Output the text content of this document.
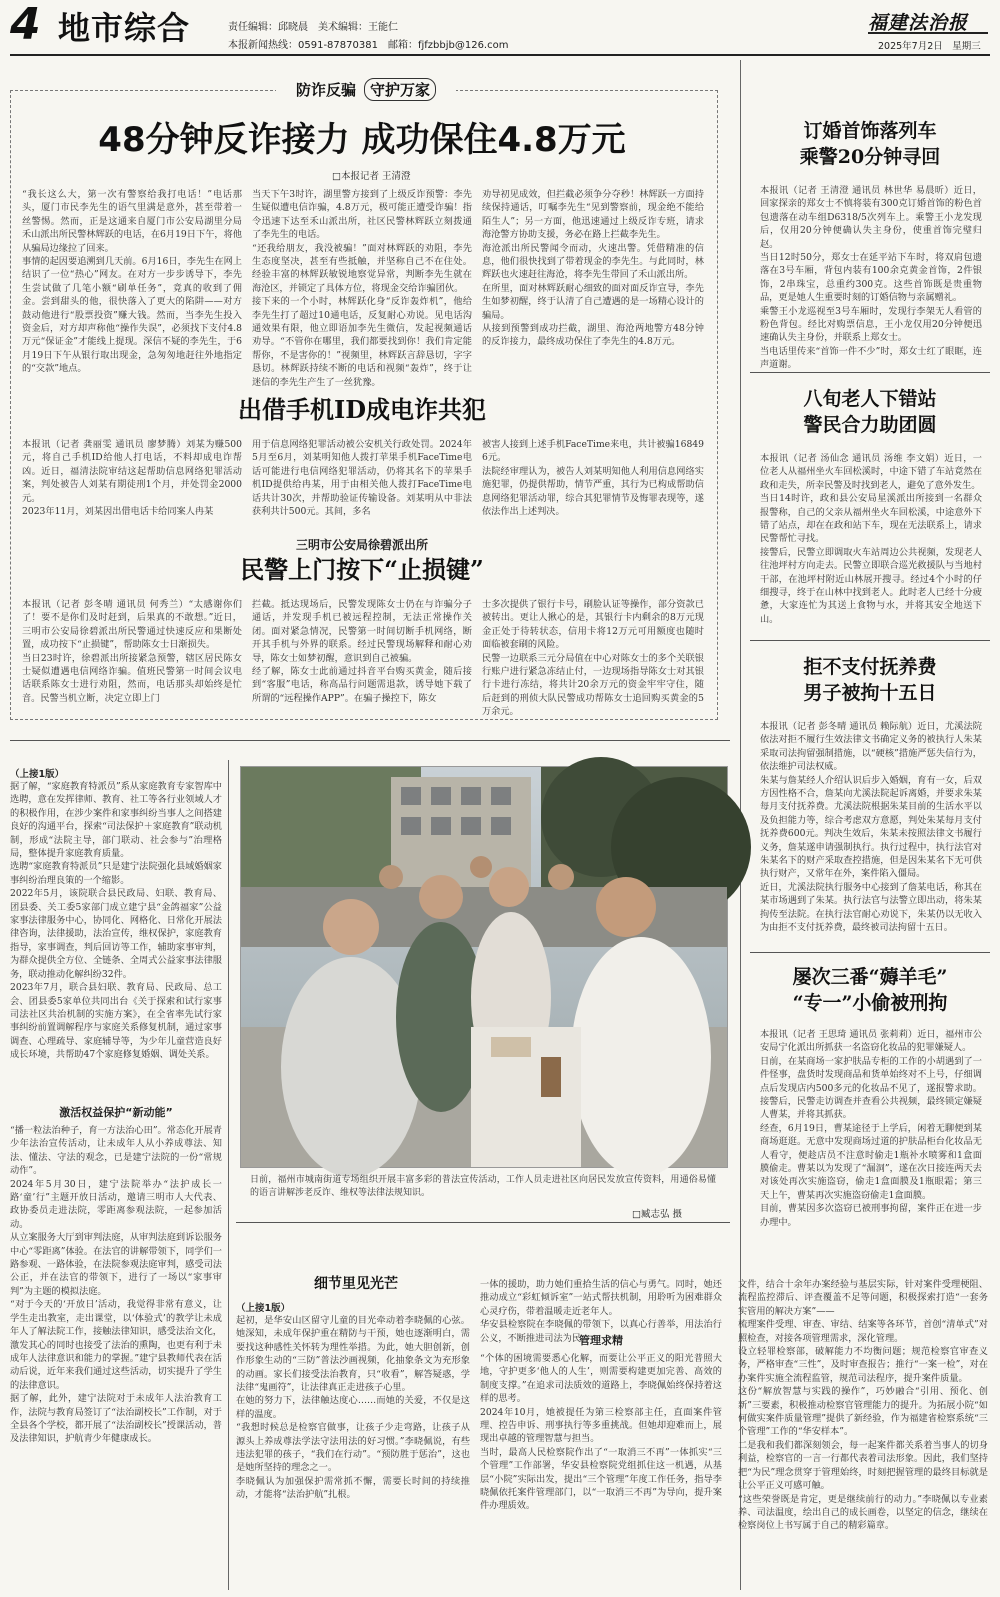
4 地市综合	责任编辑：邱晓晨　美术编辑：王能仁
本报新闻热线：0591-87870381　邮箱：fjfzbbjb@126.com
福建法治报
2025年7月2日　星期三
防诈反骗 守护万家
48分钟反诈接力 成功保住4.8万元
□本报记者 王清澄

“我长这么大，第一次有警察给我打电话！”电话那头，厦门市民李先生的语气里满是意外，甚至带着一丝警惕。然而，正是这通来自厦门市公安局湖里分局禾山派出所民警林辉跃的电话，在6月19日下午，将他从骗局边缘拉了回来。
事情的起因要追溯到几天前。6月16日，李先生在网上结识了一位“热心”网友。在对方一步步诱导下，李先生尝试做了几笔小额“刷单任务”，竟真的收到了佣金。尝到甜头的他，很快落入了更大的陷阱——对方鼓动他进行“股票投资”赚大钱。然而，当李先生投入资金后，对方却声称他“操作失误”，必须找下支付4.8万元“保证金”才能线上提现。深信不疑的李先生，于6月19日下午从银行取出现金，急匆匆地赶往外地指定的“交款”地点。

当天下午3时许，湖里警方接到了上级反诈预警：李先生疑似遭电信诈骗，4.8万元，极可能正遭受诈骗！指令迅速下达至禾山派出所，社区民警林辉跃立刻拨通了李先生的电话。
“还我给朋友，我没被骗！”面对林辉跃的劝阻，李先生态度坚决，甚至有些抵触，并坚称自己不在住处。经验丰富的林辉跃敏锐地察觉异常，判断李先生就在海沧区，并锁定了具体方位，将现金交给诈骗团伙。
接下来的一个小时，林辉跃化身“反诈轰炸机”，他给李先生打了超过10通电话，反复耐心劝说。见电话沟通效果有限，他立即语加李先生微信，发起视频通话劝导。“不管你在哪里，我们都要找到你！我们肯定能帮你，不是害你的！”视频里，林辉跃言辞恳切，字字恳切。林辉跃持续不断的电话和视频“轰炸”，终于让迷信的李先生产生了一丝犹豫。

劝导初见成效，但拦截必须争分夺秒！林辉跃一方面持续保持通话，叮嘱李先生“见到警察前，现金绝不能给陌生人”；另一方面，他迅速通过上级反诈专班，请求海沧警方协助支援，务必在路上拦截李先生。
海沧派出所民警闻令而动，火速出警。凭借精准的信息，他们很快找到了带着现金的李先生。与此同时，林辉跃也火速赶往海沧，将李先生带回了禾山派出所。
在所里，面对林辉跃耐心细致的面对面反诈宣导，李先生如梦初醒，终于认清了自己遭遇的是一场精心设计的骗局。
从接到预警到成功拦截，湖里、海沧两地警方48分钟的反诈接力，最终成功保住了李先生的4.8万元。

出借手机ID成电诈共犯

本报讯（记者 龚丽雯 通讯员 廖梦腾）刘某为赚500元，将自己手机ID给他人打电话，不料却成电诈帮凶。近日，福清法院审结这起帮助信息网络犯罪活动案，判处被告人刘某有期徒刑1个月，并处罚金2000元。
2023年11月，刘某因出借电话卡给同案人冉某

用于信息网络犯罪活动被公安机关行政处罚。2024年5月至6月，刘某明知他人拨打苹果手机FaceTime电话可能进行电信网络犯罪活动，仍将其名下的苹果手机ID提供给冉某，用于由相关他人拨打FaceTime电话共计30次，并帮助验证传输设备。刘某明从中非法获利共计500元。其间，多名

被害人接到上述手机FaceTime来电，共计被骗168496元。
法院经审理认为，被告人刘某明知他人利用信息网络实施犯罪，仍提供帮助，情节严重，其行为已构成帮助信息网络犯罪活动罪，综合其犯罪情节及悔罪表现等，遂依法作出上述判决。

三明市公安局徐碧派出所
民警上门按下“止损键”

本报讯（记者 彭冬晴 通讯员 何秀兰）“太感谢你们了！要不是你们及时赶到，后果真的不敢想。”近日，三明市公安局徐碧派出所民警通过快速反应和果断处置，成功按下“止损键”，帮助陈女士日渐损失。
当日23时许，徐碧派出所接紧急预警，辖区居民陈女士疑似遭遇电信网络诈骗。值班民警第一时间会议电话联系陈女士进行劝阻，然而，电话那头却始终是忙音。民警当机立断，决定立即上门

拦截。抵达现场后，民警发现陈女士仍在与诈骗分子通话，并发现手机已被远程控制，无法正常操作关闭。面对紧急情况，民警第一时间切断手机网络，断开其手机与外界的联系。经过民警现场解释和耐心劝导，陈女士如梦初醒，意识到自己被骗。
经了解，陈女士此前通过抖音平台购买黄金，随后接到“客服”电话，称高品行问题需退款，诱导她下载了所谓的“远程操作APP”。在骗子操控下，陈女

士多次提供了银行卡号，刷脸认证等操作，部分资款已被转出。更让人揪心的是，其银行卡内剩余的8万元现金正处于待转状态，信用卡将12万元可用额度也随时面临被套刷的风险。
民警一边联系三元分局值在中心对陈女士的多个关联银行账户进行紧急冻结止付，一边现场指导陈女士对其银行卡进行冻结，将共计20余万元的资金牢牢守住，随后赶到的刑侦大队民警成功帮陈女士追回购买黄金的5万余元。

订婚首饰落列车
乘警20分钟寻回

本报讯（记者 王清澄 通讯员 林世华 易晨昕）近日，回家探亲的郑女士不慎将装有300克订婚首饰的粉色首包遗落在动车组D6318/5次列车上。乘警王小龙发现后，仅用20分钟便确认失主身份，使重首饰完璧归赵。
当日12时50分，郑女士在延平站下车时，将双肩包遗落在3号车厢，背包内装有100余克黄金首饰，2件银饰，2串珠宝，总重约300克。这些首饰既是贵重物品，更是她人生重要时刻的订婚信物与亲属赠礼。
乘警王小龙巡视至3号车厢时，发现行李架无人看管的粉色背包。经比对购票信息，王小龙仅用20分钟便迅速确认失主身份，并联系上郑女士。
当电话里传来“首饰一件不少”时，郑女士红了眼眶，连声道谢。

八旬老人下错站
警民合力助团圆

本报讯（记者 汤仙念 通讯员 汤维 李文娟）近日，一位老人从福州坐火车回松溪时，中途下错了车站竟然在政和走失，所幸民警及时找到老人，避免了意外发生。
当日14时许，政和县公安局星溪派出所接到一名群众报警称，自己的父亲从福州坐火车回松溪，中途意外下错了站点，却在在政和站下车，现在无法联系上，请求民警帮忙寻找。
接警后，民警立即调取火车站周边公共视频，发现老人往池坪村方向走去。民警立即联合巡光救援队与当地村干部，在池坪村附近山林展开搜寻。经过4个小时的仔细搜寻，终于在山林中找到老人。此时老人已经十分疲惫，大家连忙为其送上食物与水，并将其安全地送下山。

拒不支付抚养费
男子被拘十五日

本报讯（记者 彭冬晴 通讯员 赖际航）近日，尤溪法院依法对拒不履行生效法律文书确定义务的被执行人朱某采取司法拘留强制措施，以“硬核”措施严惩失信行为，依法维护司法权威。
朱某与詹某经人介绍认识后步入婚姻，育有一女，后双方因性格不合，詹某向尤溪法院起诉离婚，并要求朱某每月支付抚养费。尤溪法院根据朱某目前的生活水平以及负担能力等，综合考虑双方意愿，判处朱某每月支付抚养费600元。判决生效后，朱某未按照法律文书履行义务，詹某遂申请强制执行。执行过程中，执行法官对朱某名下的财产采取查控措施，但是因朱某名下无可供执行财产，又常年在外，案件陷入僵局。
近日，尤溪法院执行服务中心接到了詹某电话，称其在某市场遇到了朱某。执行法官与法警立即出动，将朱某拘传至法院。在执行法官耐心劝说下，朱某仍以无收入为由拒不支付抚养费，最终被司法拘留十五日。

屡次三番“薅羊毛”
“专一”小偷被刑拘

本报讯（记者 王思琦 通讯员 张莉莉）近日，福州市公安局宁化派出所抓获一名盗窃化妆品的犯罪嫌疑人。
日前，在某商场一家护肤品专柜的工作的小胡遇到了一件怪事，盘货时发现商品和货单始终对不上号，仔细调点后发现店内500多元的化妆品不见了，遂报警求助。接警后，民警走访调查并查看公共视频，最终锁定嫌疑人曹某，并将其抓获。
经查，6月19日，曹某途径于上学后，闲着无聊便到某商场逛逛。无意中发现商场过道的护肤品柜台化妆品无人看守，便趁店员不注意时偷走1瓶补水喷雾和1盒面膜偷走。曹某以为发现了“漏洞”，遂在次日接连两天去对该处再次实施盗窃，偷走1盒面膜及1瓶眼霜；第三天上午，曹某再次实施盗窃偷走1盒面膜。
目前，曹某因多次盗窃已被刑事拘留，案件正在进一步办理中。

（上接1版）

据了解，“家庭教育特派员”系从家庭教育专家智库中选聘，意在发挥律师、教育、社工等各行业领域人才的积极作用，在涉少案件和家事纠纷当事人之间搭建良好的沟通平台，探索“司法保护＋家庭教育”联动机制，形成“法院主导，部门联动、社会参与”治理格局，整体提升家庭教育质量。
选聘“家庭教育特派员”只是建宁法院强化县域婚姻家事纠纷治理良策的一个缩影。
2022年5月，该院联合县民政局、妇联、教育局、团县委、关工委5家部门成立建宁县“金鸽福家”公益家事法律服务中心，协同化、网格化、日常化开展法律咨询，法律援助，法治宣传，维权保护，家庭教育指导，家事调查，判后回访等工作，辅助家事审判，为群众提供全方位、全链条、全周式公益家事法律服务，联动推动化解纠纷32件。
2023年7月，联合县妇联、教育局、民政局、总工会、团县委5家单位共同出台《关于探索和试行家事司法社区共治机制的实施方案》，在全省率先试行家事纠纷前置调解程序与家庭关系修复机制，通过家事调查、心理疏导、家庭辅导等，为少年儿童营造良好成长环境，共帮助47个家庭修复婚姻、调处关系。

激活权益保护“新动能”

“播一粒法治种子，育一方法治心田”。常态化开展青少年法治宣传活动，让未成年人从小养成尊法、知法、懂法、守法的观念，已是建宁法院的一份“常规动作”。
2024年5月30日，建宁法院举办“法护成长一路‘童’行”主题开放日活动，邀请三明市人大代表、政协委员走进法院，零距离参观法院，一起参加活动。
从立案服务大厅到审判法庭，从审判法庭到诉讼服务中心“零距离”体验。在法官的讲解带领下，同学们一路参观、一路体验，在法院参观法庭审判，感受司法公正，并在法官的带领下，进行了一场以“家事审判”为主题的模拟法庭。
“对于今天的‘开放日’活动，我觉得非常有意义，让学生走出教室，走出课堂，以‘体验式’的教学让未成年人了解法院工作，接触法律知识，感受法治文化，激发其心的同时也接受了法治的熏陶，也更有利于未成年人法律意识和能力的掌握。”建宁县教师代表在活动后说，近年来我们通过这些活动，切实提升了学生的法律意识。
据了解，此外，建宁法院对于未成年人法治教育工作，法院与教育局签订了“法治副校长”工作制，对于全县各个学校，都开展了“法治副校长”授课活动，普及法律知识，护航青少年健康成长。

日前，福州市城南街道专场组织开展丰富多彩的普法宣传活动，工作人员走进社区向居民发放宣传资料，用通俗易懂的语言讲解涉老反诈、维权等法律法规知识。

□臧志弘 摄
细节里见光芒
（上接1版）

起初，是华安山区留守儿童的目光牵动着李晓佩的心弦。她深知，未成年保护重在精防与干预，她也逐渐明白，需要找这种感性关怀转为理性举措。为此，她大胆创新，创作形象生动的“三防”普法沙画视频，化抽象条文为充形象的动画。家长们接受法治教育，只“收看”，解答疑惑，学法律“鬼画符”，让法律真正走进孩子心里。
在她的努力下，法律触达度心……而她的关爱，不仅是这样的温度。
“我想时候总是检察官做事，让孩子少走弯路，让孩子从源头上养成尊法学法守法用法的好习惯。”李晓佩说，有些违法犯罪的孩子，“我们在行动”。“预防胜于惩治”，这也是她所坚持的理念之一。
李晓佩认为加强保护需常抓不懈，需要长时间的持续推动，才能将“法治护航”扎根。

一体的援助，助力她们重拾生活的信心与勇气。同时，她还推动成立“彩虹倾诉室”一站式帮扶机制，用聆听为困难群众心灵疗伤，带着温暖走近老年人。
华安县检察院在李晓佩的带领下，以真心行善举，用法治行公义，不断推进司法为民。

管理求精

“个体的困境需要悉心化解，而要让公平正义的阳光普照大地，守护更多‘他人的人生’，则需要构建更加完善、高效的制度支撑。”在追求司法质效的道路上，李晓佩始终保持着这样的思考。
2024年10月，她被提任为第三检察部主任，直面案件管理、控告申诉、刑事执行等多重挑战。但她却迎难而上，展现出卓越的管理智慧与担当。
当时，最高人民检察院作出了“一取消三不再”一体抓实“三个管理”工作部署，华安县检察院党组抓住这一机遇，从基层“小院”实际出发，提出“三个管理”年度工作任务，指导李晓佩依托案件管理部门，以“一取消三不再”为导向，提升案件办理质效。

文件，结合十余年办案经验与基层实际，针对案件受理梗阻、流程监控滞后、评查覆盖不足等问题，积极探索打造“一套务实管用的解决方案”——
梳理案件受理、审查、审结、结案等各环节，首创“清单式”对照检查，对接各项管理需求，深化管理。
设立轻罪检察部，破解能力不均衡问题；规范检察官审查义务，严格审查“三性”，及时审查报告；推行“一案一检”，对在办案件实施全流程监管，规范司法程序，提升案件质量。
这份“解放智慧与实践的操作”，巧妙融合“引用、预化、创新”三要素，积极推动检察官管理能力的提升。为拓展小院“如何做实案件质量管理”提供了新经验，作为福建省检察系统“三个管理”工作的“华安样本”。
二是我和我们都深刻领会，每一起案件都关系着当事人的切身利益，检察官的一言一行都代表着司法形象。因此，我们坚持把“为民”理念贯穿于管理始终，时刻把握管理的最终目标就是让公平正义可感可触。
“这些荣誉既是肯定，更是继续前行的动力。”李晓佩以专业素养、司法温度，绘出自己的成长画卷，以坚定的信念，继续在检察岗位上书写属于自己的精彩篇章。
